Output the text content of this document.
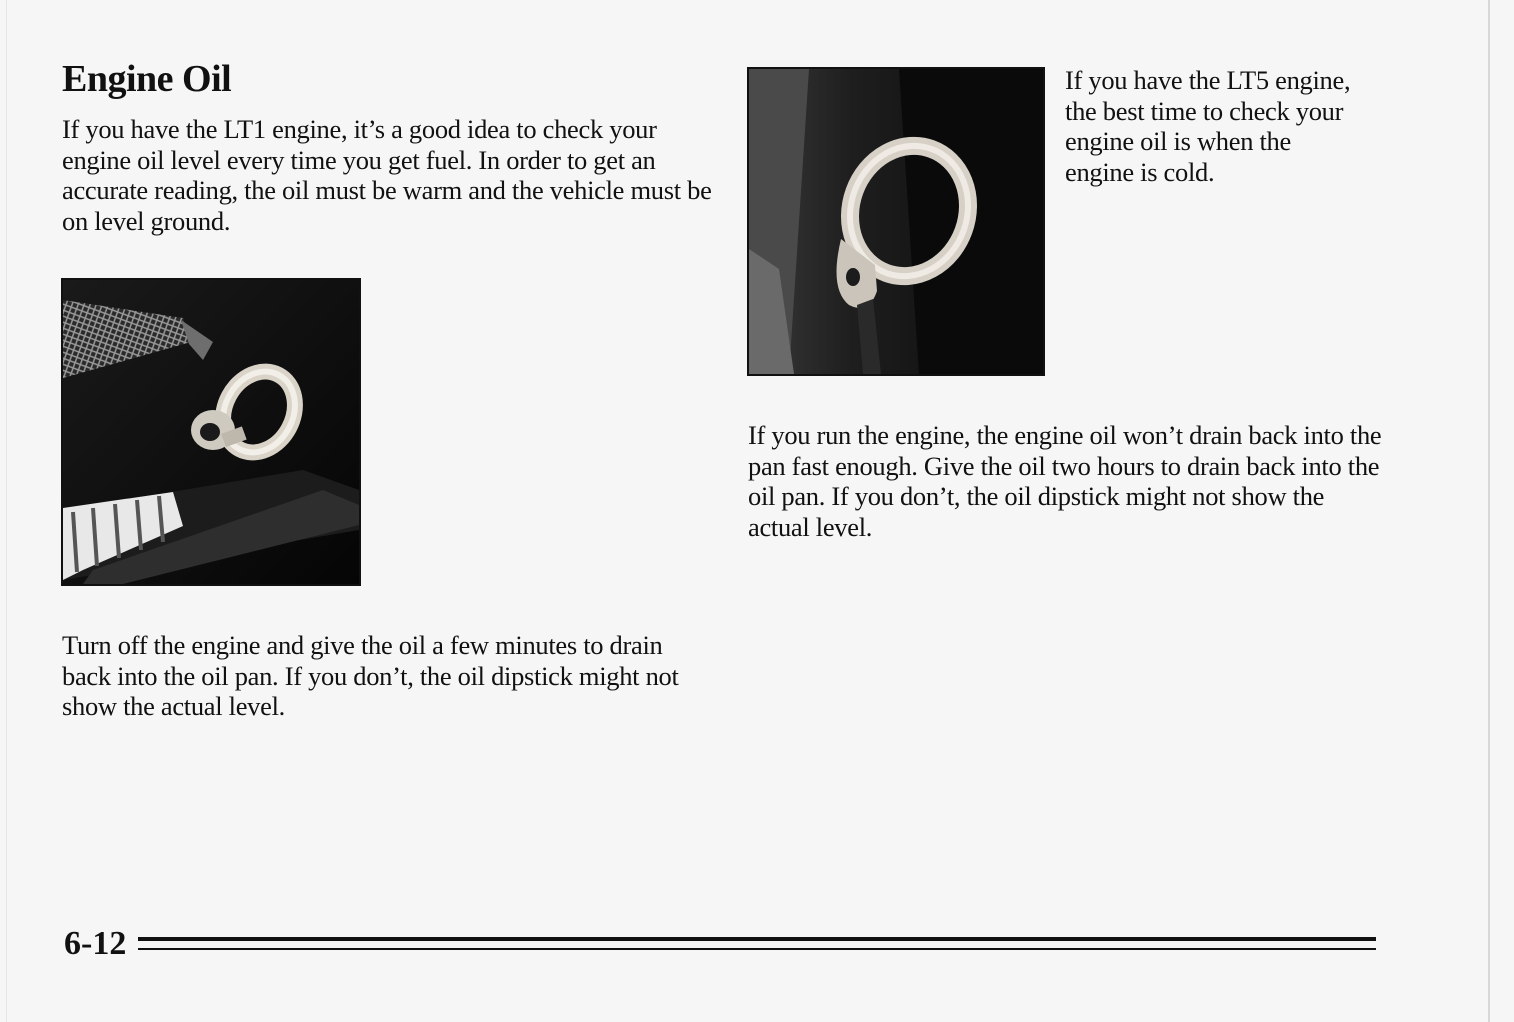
Engine Oil

If you have the LT1 engine, it’s a good idea to check your engine oil level every time you get fuel. In order to get an accurate reading, the oil must be warm and the vehicle must be on level ground.

Turn off the engine and give the oil a few minutes to drain back into the oil pan. If you don’t, the oil dipstick might not show the actual level.

If you have the LT5 engine, the best time to check your engine oil is when the engine is cold.

If you run the engine, the engine oil won’t drain back into the pan fast enough. Give the oil two hours to drain back into the oil pan. If you don’t, the oil dipstick might not show the actual level.

6-12
